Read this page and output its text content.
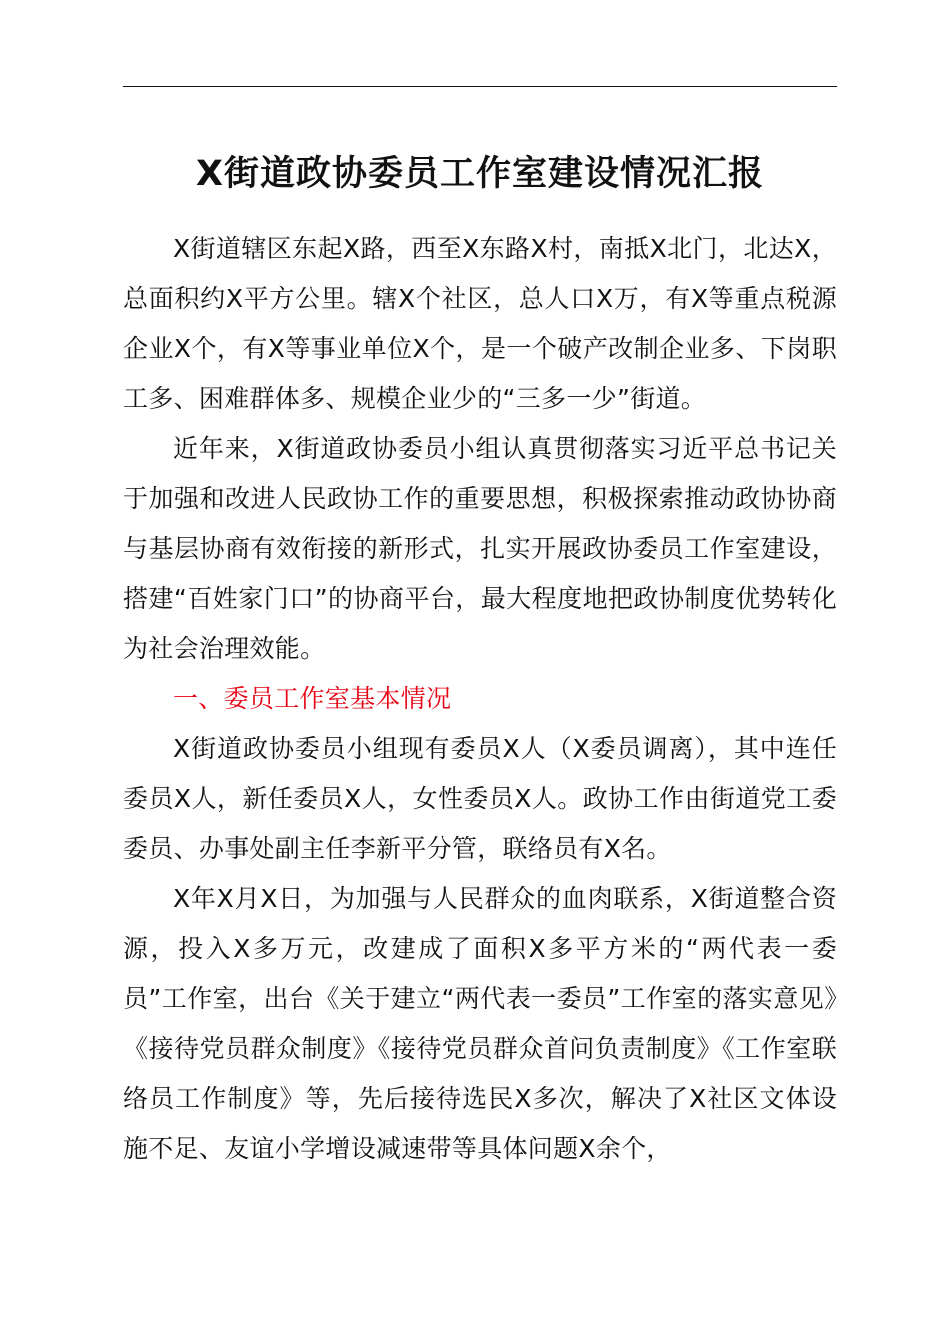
X街道政协委员工作室建设情况汇报

X街道辖区东起X路，西至X东路X村，南抵X北门，北达X，总面积约X平方公里。辖X个社区，总人口X万，有X等重点税源企业X个，有X等事业单位X个，是一个破产改制企业多、下岗职工多、困难群体多、规模企业少的“三多一少”街道。

近年来，X街道政协委员小组认真贯彻落实习近平总书记关于加强和改进人民政协工作的重要思想，积极探索推动政协协商与基层协商有效衔接的新形式，扎实开展政协委员工作室建设，搭建“百姓家门口”的协商平台，最大程度地把政协制度优势转化为社会治理效能。

一、委员工作室基本情况

X街道政协委员小组现有委员X人（X委员调离），其中连任委员X人，新任委员X人，女性委员X人。政协工作由街道党工委委员、办事处副主任李新平分管，联络员有X名。

X年X月X日，为加强与人民群众的血肉联系，X街道整合资源，投入X多万元，改建成了面积X多平方米的“两代表一委员”工作室，出台《关于建立“两代表一委员”工作室的落实意见》《接待党员群众制度》《接待党员群众首问负责制度》《工作室联络员工作制度》等，先后接待选民X多次，解决了X社区文体设施不足、友谊小学增设减速带等具体问题X余个，
